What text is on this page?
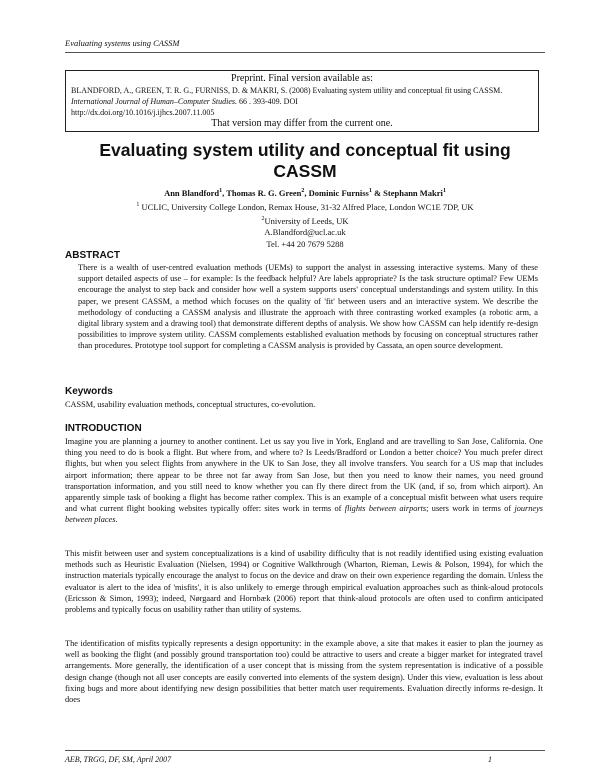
Evaluating systems using CASSM
Preprint. Final version available as:
BLANDFORD, A., GREEN, T. R. G., FURNISS, D. & MAKRI, S. (2008) Evaluating system utility and conceptual fit using CASSM. International Journal of Human–Computer Studies. 66 . 393-409. DOI
http://dx.doi.org/10.1016/j.ijhcs.2007.11.005
That version may differ from the current one.
Evaluating system utility and conceptual fit using
CASSM
Ann Blandford$^1$, Thomas R. G. Green$^2$, Dominic Furniss$^1$ & Stephann Makri$^1$
$^1$ UCLIC, University College London, Remax House, 31-32 Alfred Place, London WC1E 7DP, UK
$^2$University of Leeds, UK
A.Blandford@ucl.ac.uk
Tel. +44 20 7679 5288
ABSTRACT
There is a wealth of user-centred evaluation methods (UEMs) to support the analyst in assessing interactive systems. Many of these support detailed aspects of use – for example: Is the feedback helpful? Are labels appropriate? Is the task structure optimal? Few UEMs encourage the analyst to step back and consider how well a system supports users' conceptual understandings and system utility. In this paper, we present CASSM, a method which focuses on the quality of 'fit' between users and an interactive system. We describe the methodology of conducting a CASSM analysis and illustrate the approach with three contrasting worked examples (a robotic arm, a digital library system and a drawing tool) that demonstrate different depths of analysis. We show how CASSM can help identify re-design possibilities to improve system utility. CASSM complements established evaluation methods by focusing on conceptual structures rather than procedures. Prototype tool support for completing a CASSM analysis is provided by Cassata, an open source development.
Keywords
CASSM, usability evaluation methods, conceptual structures, co-evolution.
INTRODUCTION
Imagine you are planning a journey to another continent. Let us say you live in York, England and are travelling to San Jose, California. One thing you need to do is book a flight. But where from, and where to? Is Leeds/Bradford or London a better choice? You much prefer direct flights, but when you select flights from anywhere in the UK to San Jose, they all involve transfers. You search for a US map that includes airport information; there appear to be three not far away from San Jose, but then you need to know their names, you need ground transportation information, and you still need to know whether you can fly there direct from the UK (and, if so, from which airport). An apparently simple task of booking a flight has become rather complex. This is an example of a conceptual misfit between what users require and what current flight booking websites typically offer: sites work in terms of flights between airports; users work in terms of journeys between places.
This misfit between user and system conceptualizations is a kind of usability difficulty that is not readily identified using existing evaluation methods such as Heuristic Evaluation (Nielsen, 1994) or Cognitive Walkthrough (Wharton, Rieman, Lewis & Polson, 1994), for which the instruction materials typically encourage the analyst to focus on the device and draw on their own experience regarding the domain. Unless the evaluator is alert to the idea of 'misfits', it is also unlikely to emerge through empirical evaluation approaches such as think-aloud protocols (Ericsson & Simon, 1993); indeed, Nørgaard and Hornbæk (2006) report that think-aloud protocols are often used to confirm anticipated problems and typically focus on usability rather than utility of systems.
The identification of misfits typically represents a design opportunity: in the example above, a site that makes it easier to plan the journey as well as booking the flight (and possibly ground transportation too) could be attractive to users and create a bigger market for integrated travel arrangements. More generally, the identification of a user concept that is missing from the system representation is indicative of a possible design change (though not all user concepts are easily converted into elements of the system design). Under this view, evaluation is less about fixing bugs and more about identifying new design possibilities that better match user requirements. Evaluation directly informs re-design. It does
AEB, TRGG, DF, SM, April 2007	1
